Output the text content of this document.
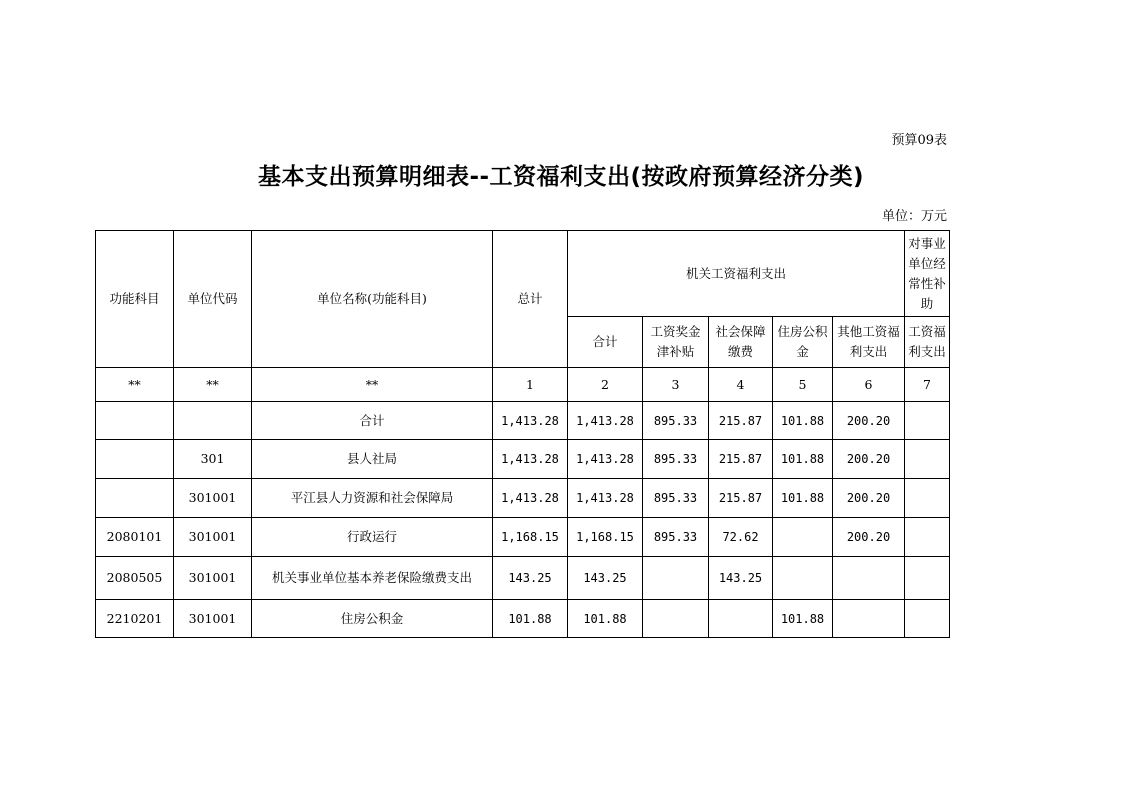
预算09表
基本支出预算明细表--工资福利支出(按政府预算经济分类)
单位：万元
功能科目	单位代码	单位名称(功能科目)	总计	机关工资福利支出					对事业单位经常性补助
				合计	工资奖金津补贴	社会保障缴费	住房公积金	其他工资福利支出	工资福利支出
**	**	**	1	2	3	4	5	6	7
		合计	1,413.28	1,413.28	895.33	215.87	101.88	200.20	
	301	县人社局	1,413.28	1,413.28	895.33	215.87	101.88	200.20	
	301001	平江县人力资源和社会保障局	1,413.28	1,413.28	895.33	215.87	101.88	200.20	
2080101	301001	行政运行	1,168.15	1,168.15	895.33	72.62		200.20	
2080505	301001	机关事业单位基本养老保险缴费支出	143.25	143.25		143.25			
2210201	301001	住房公积金	101.88	101.88			101.88		
